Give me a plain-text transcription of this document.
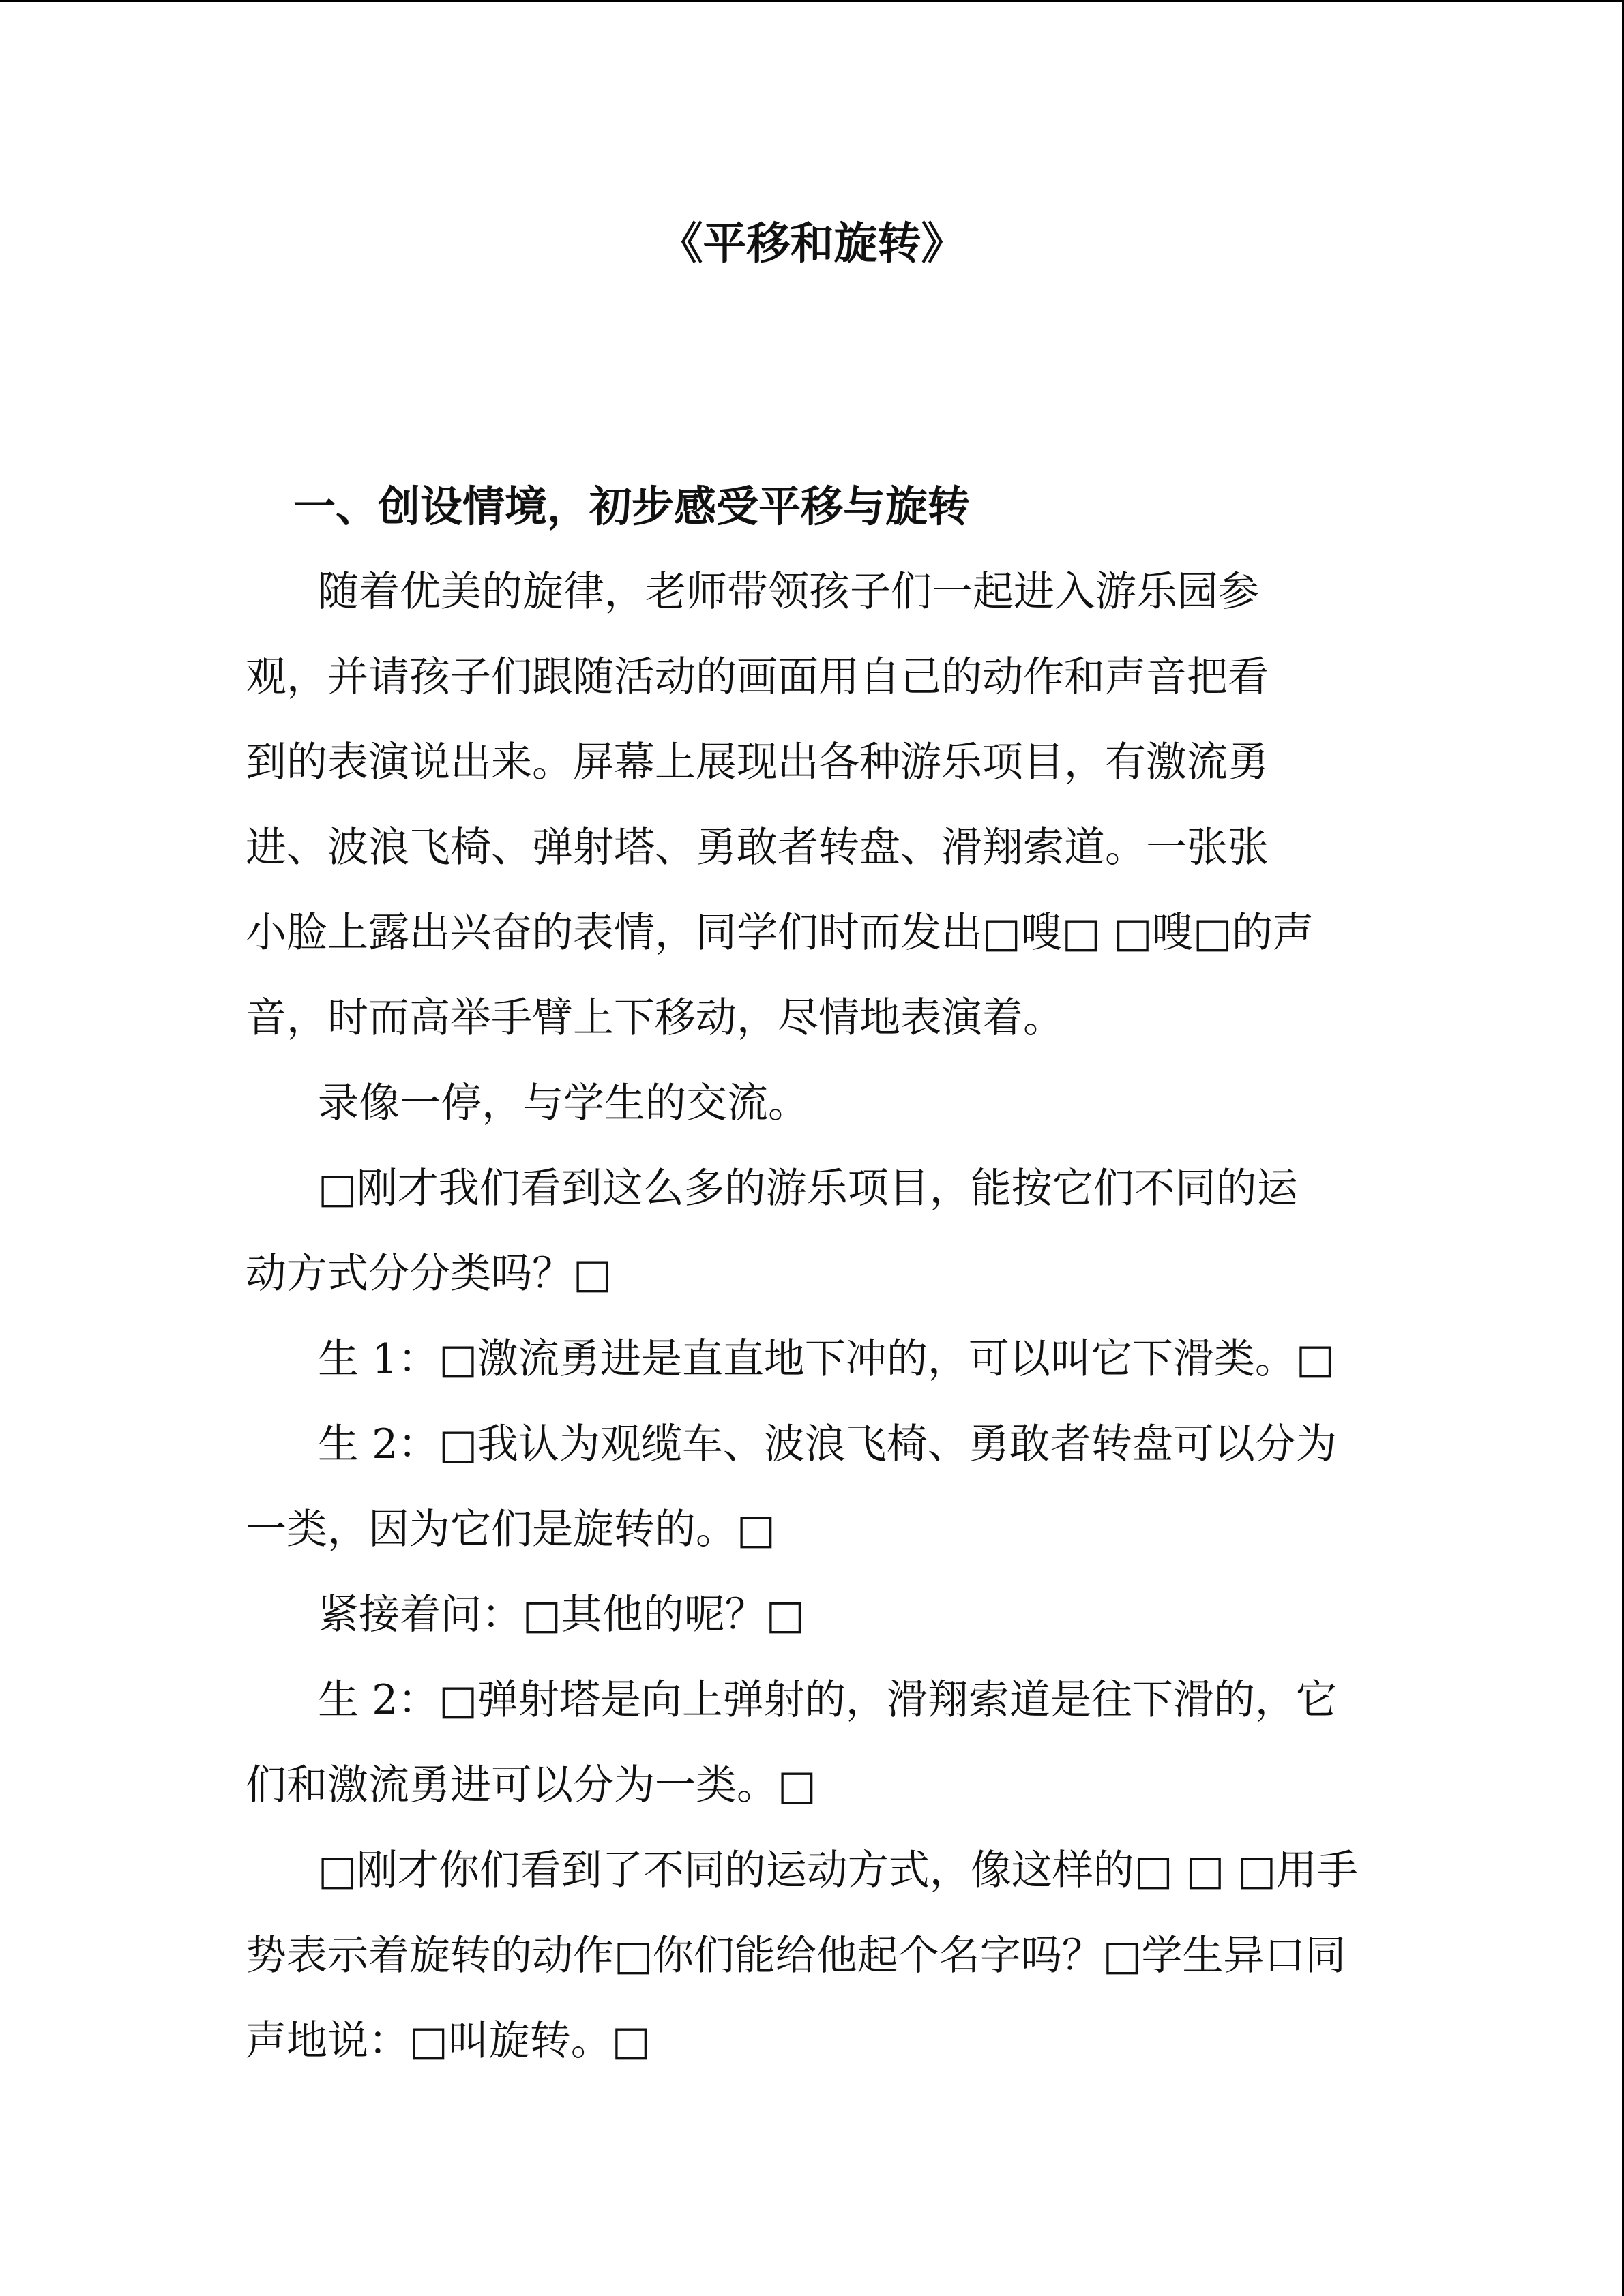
《平移和旋转》
一、创设情境，初步感受平移与旋转
随着优美的旋律，老师带领孩子们一起进入游乐园参
观，并请孩子们跟随活动的画面用自己的动作和声音把看
到的表演说出来。屏幕上展现出各种游乐项目，有激流勇
进、波浪飞椅、弹射塔、勇敢者转盘、滑翔索道。一张张
小脸上露出兴奋的表情，同学们时而发出□嗖□ □嗖□的声
音，时而高举手臂上下移动，尽情地表演着。
录像一停，与学生的交流。
□刚才我们看到这么多的游乐项目，能按它们不同的运
动方式分分类吗？□
生 1：□激流勇进是直直地下冲的，可以叫它下滑类。□
生 2：□我认为观缆车、波浪飞椅、勇敢者转盘可以分为
一类，因为它们是旋转的。□
紧接着问：□其他的呢？□
生 2：□弹射塔是向上弹射的，滑翔索道是往下滑的，它
们和激流勇进可以分为一类。□
□刚才你们看到了不同的运动方式，像这样的□ □ □用手
势表示着旋转的动作□你们能给他起个名字吗？□学生异口同
声地说：□叫旋转。□
